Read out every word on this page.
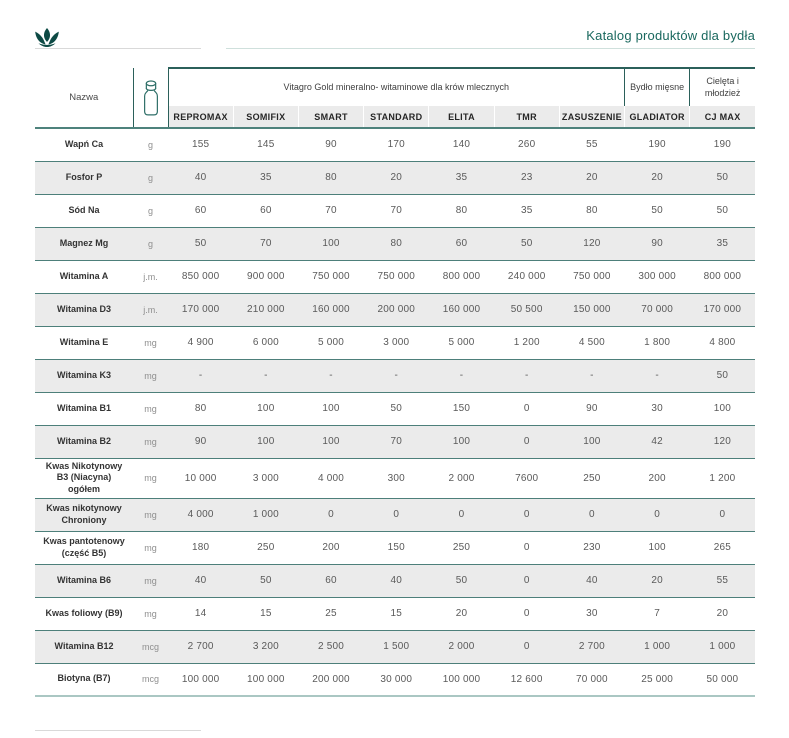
Katalog produktów dla bydła
Nazwa		Vitagro Gold mineralno- witaminowe dla krów mlecznych							Bydło mięsne	Cielęta i młodzież
		REPROMAX	SOMIFIX	SMART	STANDARD	ELITA	TMR	ZASUSZENIE	GLADIATOR	CJ MAX
Wapń Ca	g	155	145	90	170	140	260	55	190	190
Fosfor P	g	40	35	80	20	35	23	20	20	50
Sód Na	g	60	60	70	70	80	35	80	50	50
Magnez Mg	g	50	70	100	80	60	50	120	90	35
Witamina A	j.m.	850 000	900 000	750 000	750 000	800 000	240 000	750 000	300 000	800 000
Witamina D3	j.m.	170 000	210 000	160 000	200 000	160 000	50 500	150 000	70 000	170 000
Witamina E	mg	4 900	6 000	5 000	3 000	5 000	1 200	4 500	1 800	4 800
Witamina K3	mg	-	-	-	-	-	-	-	-	50
Witamina B1	mg	80	100	100	50	150	0	90	30	100
Witamina B2	mg	90	100	100	70	100	0	100	42	120
Kwas Nikotynowy B3 (Niacyna) ogółem	mg	10 000	3 000	4 000	300	2 000	7600	250	200	1 200
Kwas nikotynowy Chroniony	mg	4 000	1 000	0	0	0	0	0	0	0
Kwas pantotenowy (część B5)	mg	180	250	200	150	250	0	230	100	265
Witamina B6	mg	40	50	60	40	50	0	40	20	55
Kwas foliowy (B9)	mg	14	15	25	15	20	0	30	7	20
Witamina B12	mcg	2 700	3 200	2 500	1 500	2 000	0	2 700	1 000	1 000
Biotyna (B7)	mcg	100 000	100 000	200 000	30 000	100 000	12 600	70 000	25 000	50 000
